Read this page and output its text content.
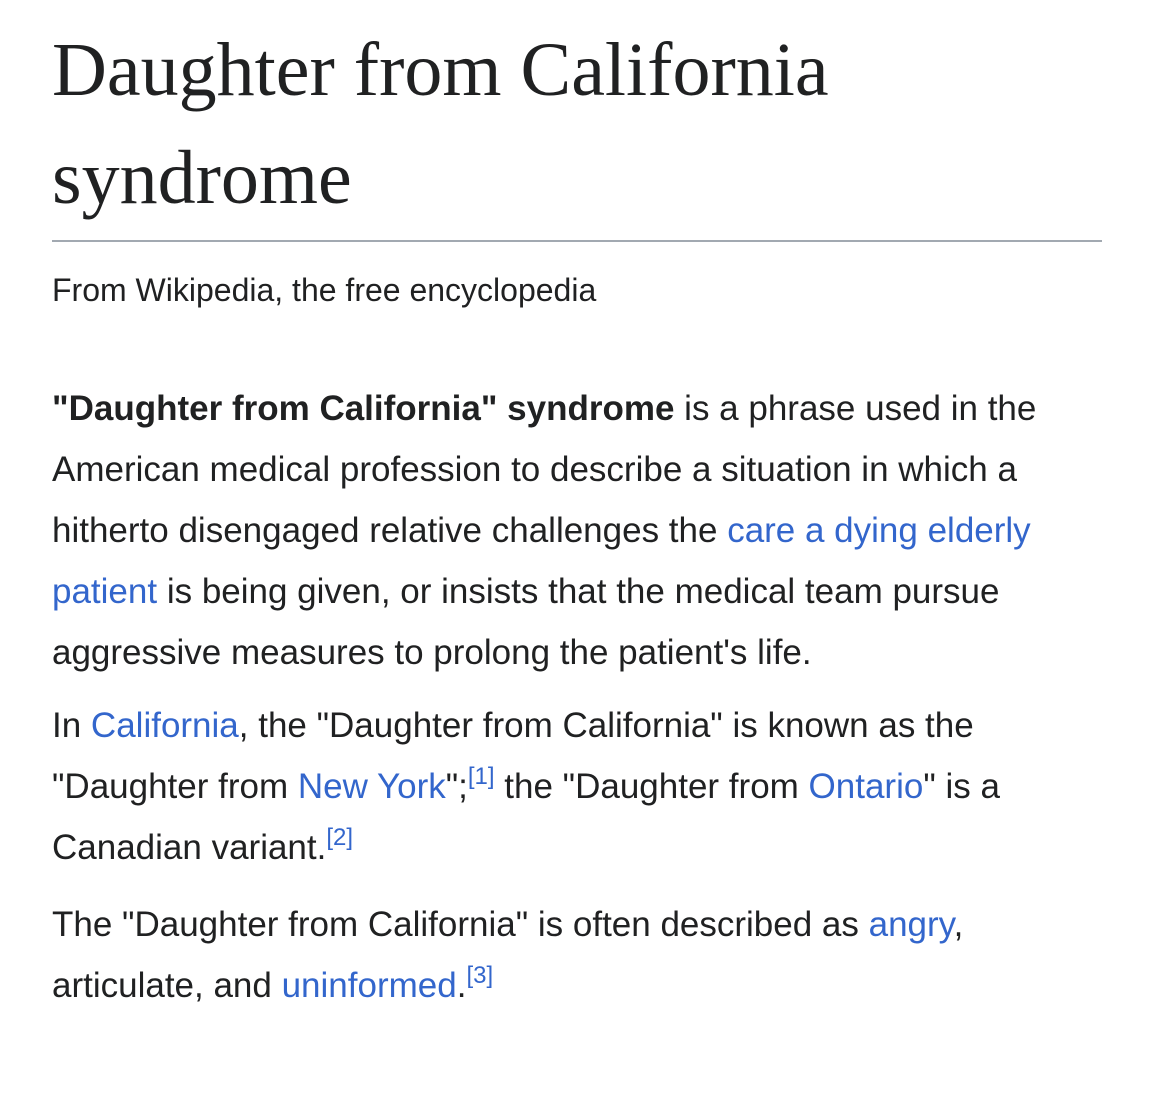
Daughter from California syndrome
From Wikipedia, the free encyclopedia

"Daughter from California" syndrome is a phrase used in the American medical profession to describe a situation in which a hitherto disengaged relative challenges the care a dying elderly patient is being given, or insists that the medical team pursue aggressive measures to prolong the patient's life.

In California, the "Daughter from California" is known as the "Daughter from New York";[1] the "Daughter from Ontario" is a Canadian variant.[2]

The "Daughter from California" is often described as angry, articulate, and uninformed.[3]
